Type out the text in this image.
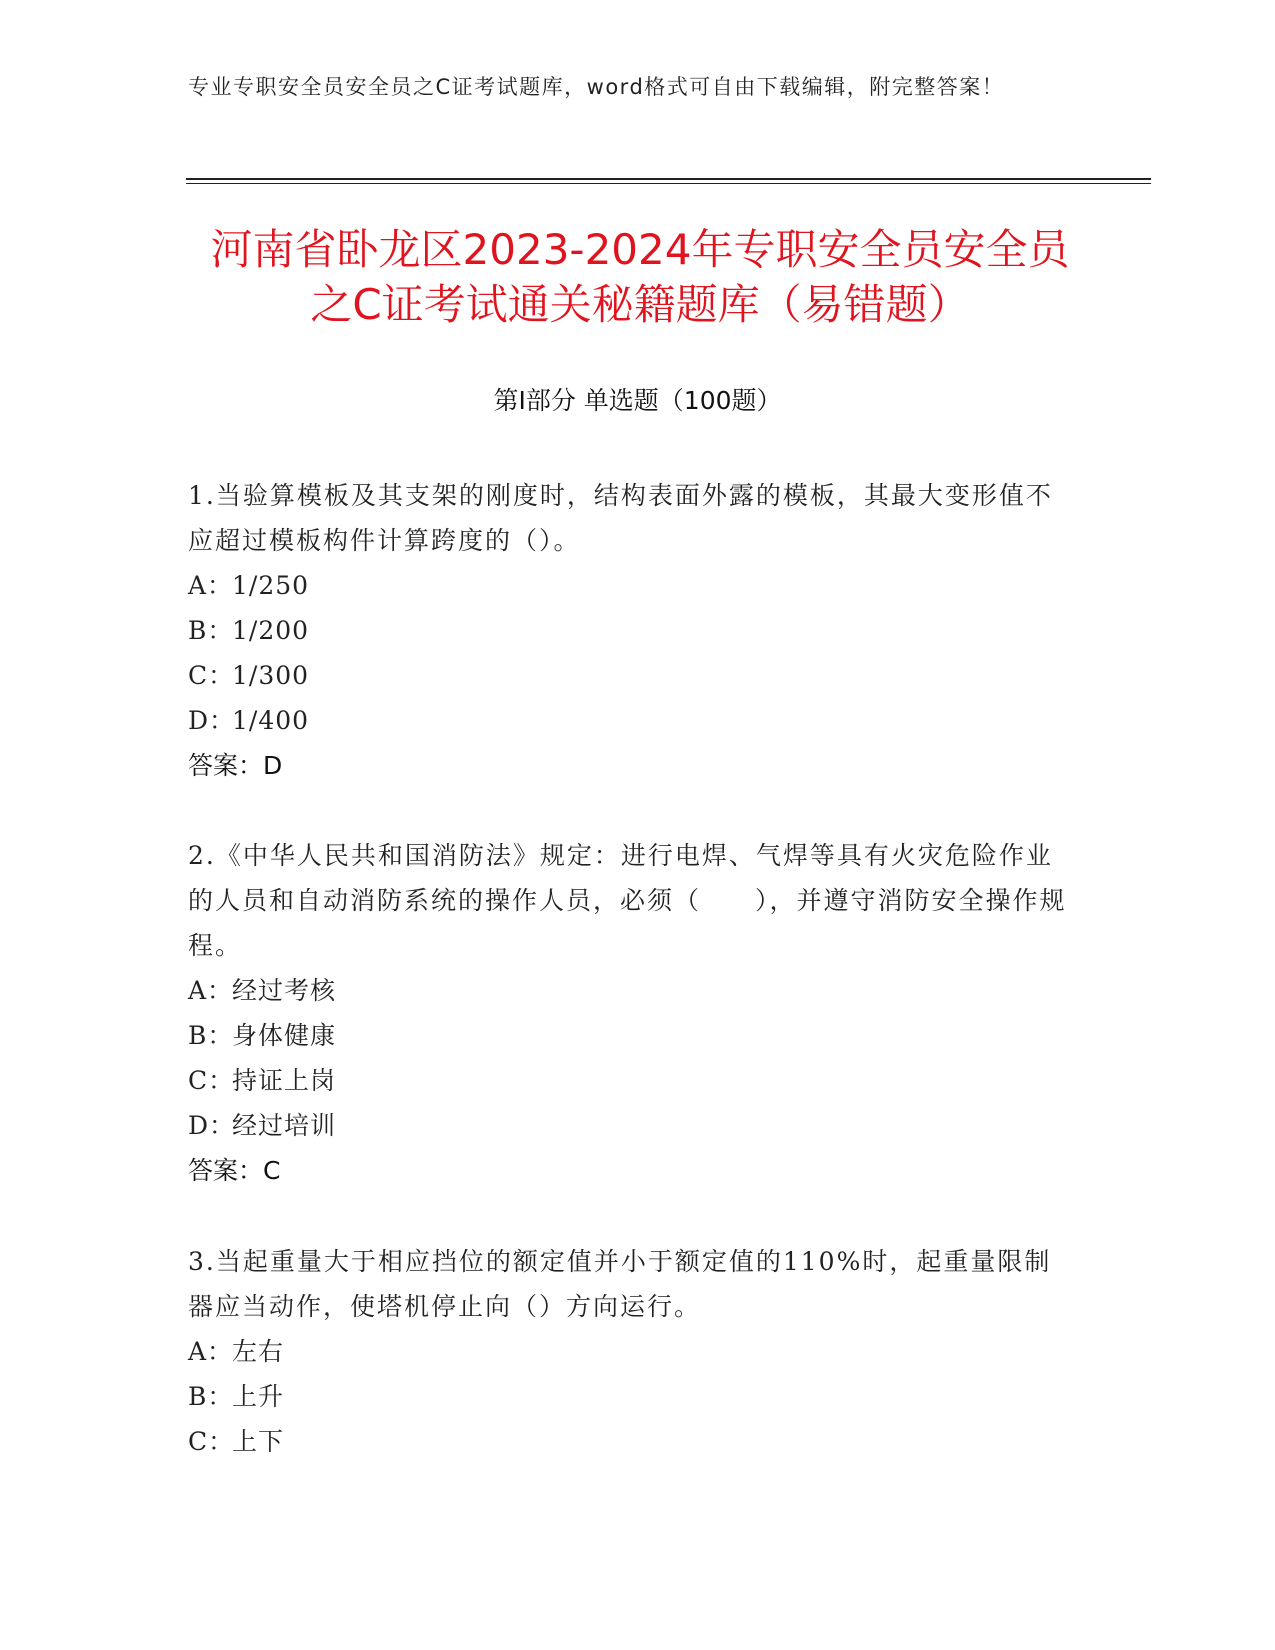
专业专职安全员安全员之C证考试题库，word格式可自由下载编辑，附完整答案！
河南省卧龙区2023-2024年专职安全员安全员之C证考试通关秘籍题库（易错题）
第I部分 单选题（100题）

1.当验算模板及其支架的刚度时，结构表面外露的模板，其最大变形值不应超过模板构件计算跨度的（）。

A：1/250

B：1/200

C：1/300

D：1/400

答案：D

2.《中华人民共和国消防法》规定：进行电焊、气焊等具有火灾危险作业的人员和自动消防系统的操作人员，必须（　　），并遵守消防安全操作规程。

A：经过考核

B：身体健康

C：持证上岗

D：经过培训

答案：C

3.当起重量大于相应挡位的额定值并小于额定值的110%时，起重量限制器应当动作，使塔机停止向（）方向运行。

A：左右

B：上升

C：上下
